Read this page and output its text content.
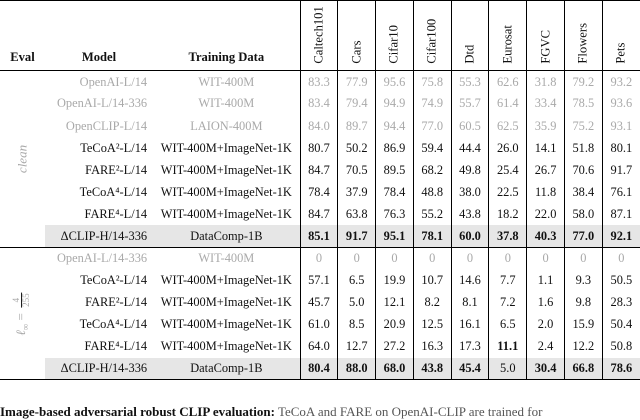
Eval	Model	Training Data	Caltech101	Cars	Cifar10	Cifar100	Dtd	Eurosat	FGVC	Flowers	Pets

clean	OpenAI-L/14	WIT-400M	83.3	77.9	95.6	75.8	55.3	62.6	31.8	79.2	93.2
	OpenAI-L/14-336	WIT-400M	83.4	79.4	94.9	74.9	55.7	61.4	33.4	78.5	93.6
	OpenCLIP-L/14	LAION-400M	84.0	89.7	94.4	77.0	60.5	62.5	35.9	75.2	93.1
	TeCoA²-L/14	WIT-400M+ImageNet-1K	80.7	50.2	86.9	59.4	44.4	26.0	14.1	51.8	80.1
	FARE²-L/14	WIT-400M+ImageNet-1K	84.7	70.5	89.5	68.2	49.8	25.4	26.7	70.6	91.7
	TeCoA⁴-L/14	WIT-400M+ImageNet-1K	78.4	37.9	78.4	48.8	38.0	22.5	11.8	38.4	76.1
	FARE⁴-L/14	WIT-400M+ImageNet-1K	84.7	63.8	76.3	55.2	43.8	18.2	22.0	58.0	87.1
	ΔCLIP-H/14-336	DataComp-1B	85.1	91.7	95.1	78.1	60.0	37.8	40.3	77.0	92.1

ℓ$_\infty$ =
4 255	OpenAI-L/14-336	WIT-400M	0	0	0	0	0	0	0	0	0
	TeCoA²-L/14	WIT-400M+ImageNet-1K	57.1	6.5	19.9	10.7	14.6	7.7	1.1	9.3	50.5
	FARE²-L/14	WIT-400M+ImageNet-1K	45.7	5.0	12.1	8.2	8.1	7.2	1.6	9.8	28.3
	TeCoA⁴-L/14	WIT-400M+ImageNet-1K	61.0	8.5	20.9	12.5	16.1	6.5	2.0	15.9	50.4
	FARE⁴-L/14	WIT-400M+ImageNet-1K	64.0	12.7	27.2	16.3	17.3	11.1	2.4	12.2	50.8
	ΔCLIP-H/14-336	DataComp-1B	80.4	88.0	68.0	43.8	45.4	5.0	30.4	66.8	78.6
Image-based adversarial robust CLIP evaluation: TeCoA and FARE on OpenAI-CLIP are trained for
